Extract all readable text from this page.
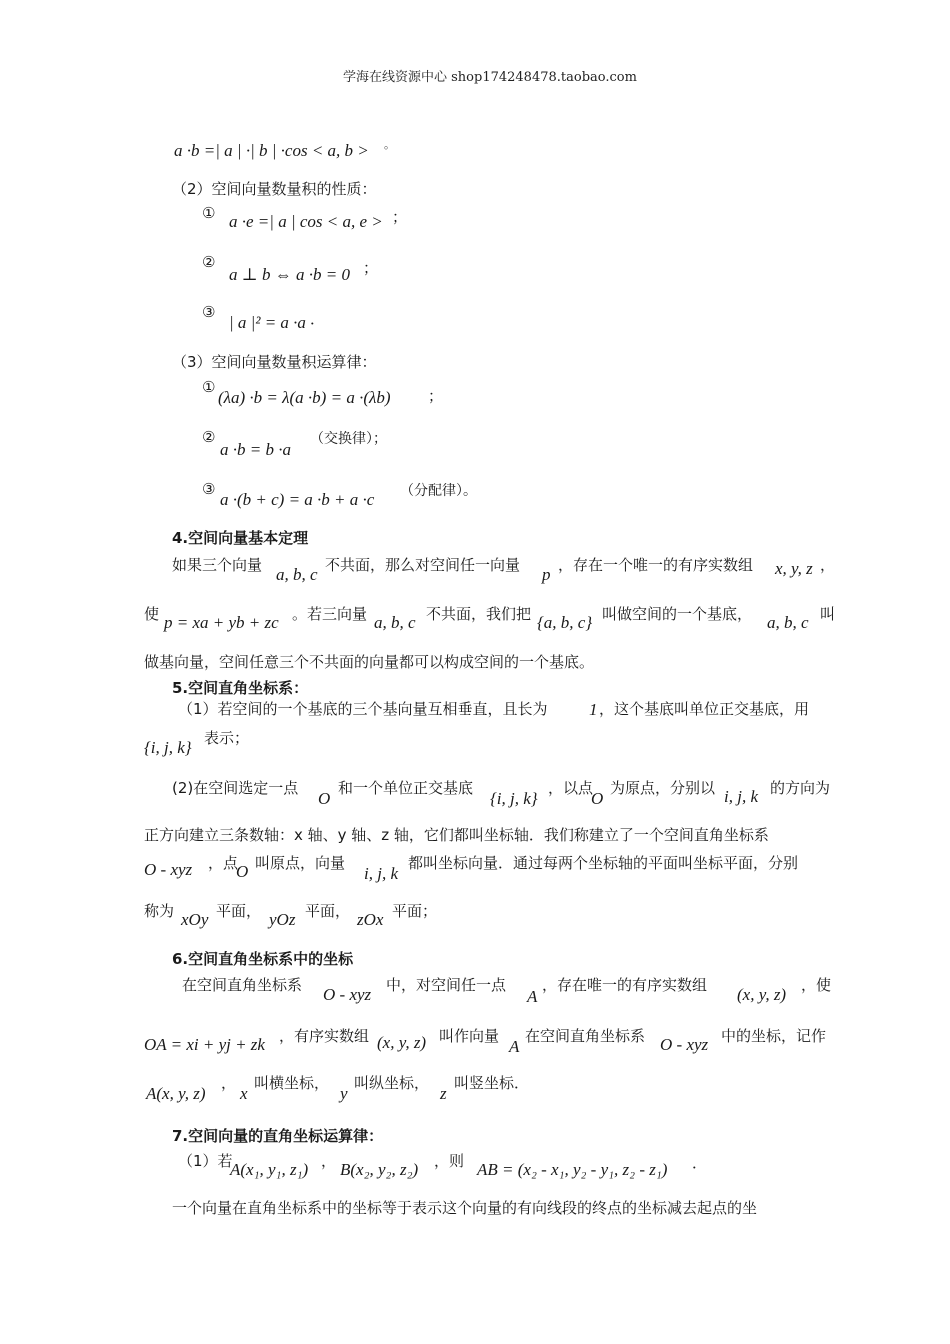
学海在线资源中心 shop174248478.taobao.com
a ·b =| a | ·| b | ·cos < a, b > 。
（2）空间向量数量积的性质：
① a ·e =| a | cos < a, e > ；
②
a ⊥ b ⇔ a ·b = 0 ；
③
| a |² = a ·a ．
（3）空间向量数量积运算律：
①
(λa) ·b = λ(a ·b) = a ·(λb)	；
②
a ·b = b ·a
（交换律）；
③
a ·(b + c) = a ·b + a ·c （分配律）。
4.空间向量基本定理
如果三个向量 a, b, c 不共面，那么对空间任一向量 p ，存在一个唯一的有序实数组 x, y, z ，
使 p = xa + yb + zc 。若三向量 a, b, c 不共面，我们把 {a, b, c} 叫做空间的一个基底， a, b, c 叫
做基向量，空间任意三个不共面的向量都可以构成空间的一个基底。
5.空间直角坐标系：
（1）若空间的一个基底的三个基向量互相垂直，且长为 1 ，这个基底叫单位正交基底，用
{i, j, k} 表示；
(2)在空间选定一点
O
和一个单位正交基底
{i, j, k}
，以点
O
为原点，分别以 i, j, k 的方向为
正方向建立三条数轴：x 轴、y 轴、z 轴，它们都叫坐标轴．我们称建立了一个空间直角坐标系
O - xyz ，点
O 叫原点，向量
i, j, k
都叫坐标向量．通过每两个坐标轴的平面叫坐标平面，分别
称为 xOy 平面， yOz 平面， zOx 平面；
6.空间直角坐标系中的坐标
在空间直角坐标系 O - xyz 中，对空间任一点
A
，存在唯一的有序实数组 (x, y, z) ，使
OA = xi + yj + zk ，有序实数组 (x, y, z) 叫作向量
A
在空间直角坐标系 O - xyz 中的坐标，记作
A(x, y, z)
，
x
叫横坐标，
y
叫纵坐标，
z
叫竖坐标．
7.空间向量的直角坐标运算律：
（1）若
A(x₁, y₁, z₁) ， B(x₂, y₂, z₂) ，则 AB = (x₂ - x₁, y₂ - y₁, z₂ - z₁) ．
一个向量在直角坐标系中的坐标等于表示这个向量的有向线段的终点的坐标减去起点的坐
